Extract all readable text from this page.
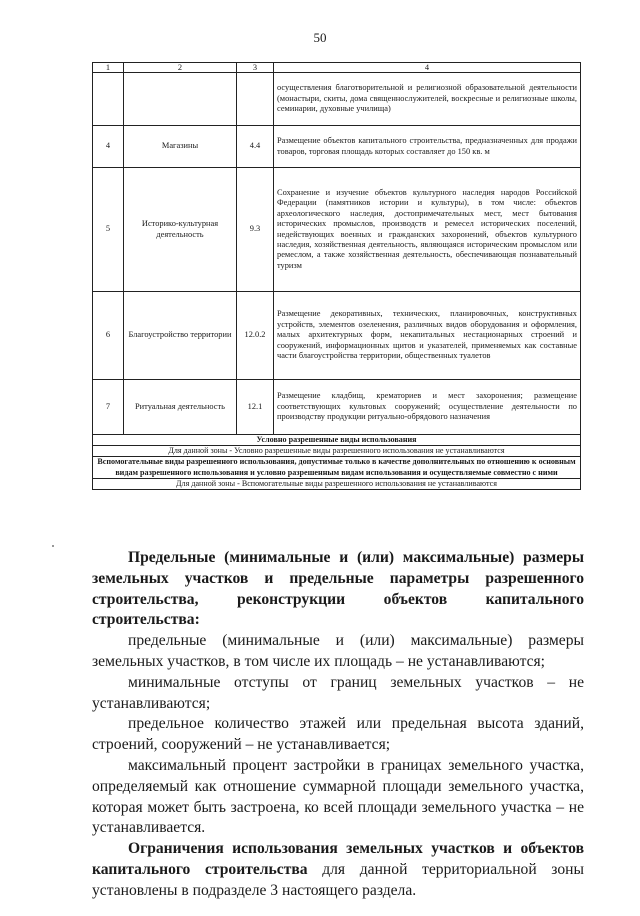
50
1	2	3	4
			осуществления благотворительной и религиозной образовательной деятельности (монастыри, скиты, дома священнослужителей, воскресные и религиозные школы, семинарии, духовные училища)
4	Магазины	4.4	Размещение объектов капитального строительства, предназначенных для продажи товаров, торговая площадь которых составляет до 150 кв. м
5	Историко-культурная деятельность	9.3	Сохранение и изучение объектов культурного наследия народов Российской Федерации (памятников истории и культуры), в том числе: объектов археологического наследия, достопримечательных мест, мест бытования исторических промыслов, производств и ремесел исторических поселений, недействующих военных и гражданских захоронений, объектов культурного наследия, хозяйственная деятельность, являющаяся историческим промыслом или ремеслом, а также хозяйственная деятельность, обеспечивающая познавательный туризм
6	Благоустройство территории	12.0.2	Размещение декоративных, технических, планировочных, конструктивных устройств, элементов озеленения, различных видов оборудования и оформления, малых архитектурных форм, некапитальных нестационарных строений и сооружений, информационных щитов и указателей, применяемых как составные части благоустройства территории, общественных туалетов
7	Ритуальная деятельность	12.1	Размещение кладбищ, крематориев и мест захоронения; размещение соответствующих культовых сооружений; осуществление деятельности по производству продукции ритуально-обрядового назначения
Условно разрешенные виды использования			
Для данной зоны - Условно разрешенные виды разрешенного использования не устанавливаются			
Вспомогательные виды разрешенного использования, допустимые только в качестве дополнительных по отношению к основным видам разрешенного использования и условно разрешенным видам использования и осуществляемые совместно с ними			
Для данной зоны - Вспомогательные виды разрешенного использования не устанавливаются			

Предельные (минимальные и (или) максимальные) размеры земельных участков и предельные параметры разрешенного строительства, реконструкции объектов капитального строительства:

предельные (минимальные и (или) максимальные) размеры земельных участков, в том числе их площадь – не устанавливаются;

минимальные отступы от границ земельных участков – не устанавливаются;

предельное количество этажей или предельная высота зданий, строений, сооружений – не устанавливается;

максимальный процент застройки в границах земельного участка, определяемый как отношение суммарной площади земельного участка, которая может быть застроена, ко всей площади земельного участка – не устанавливается.

Ограничения использования земельных участков и объектов капитального строительства для данной территориальной зоны установлены в подразделе 3 настоящего раздела.
